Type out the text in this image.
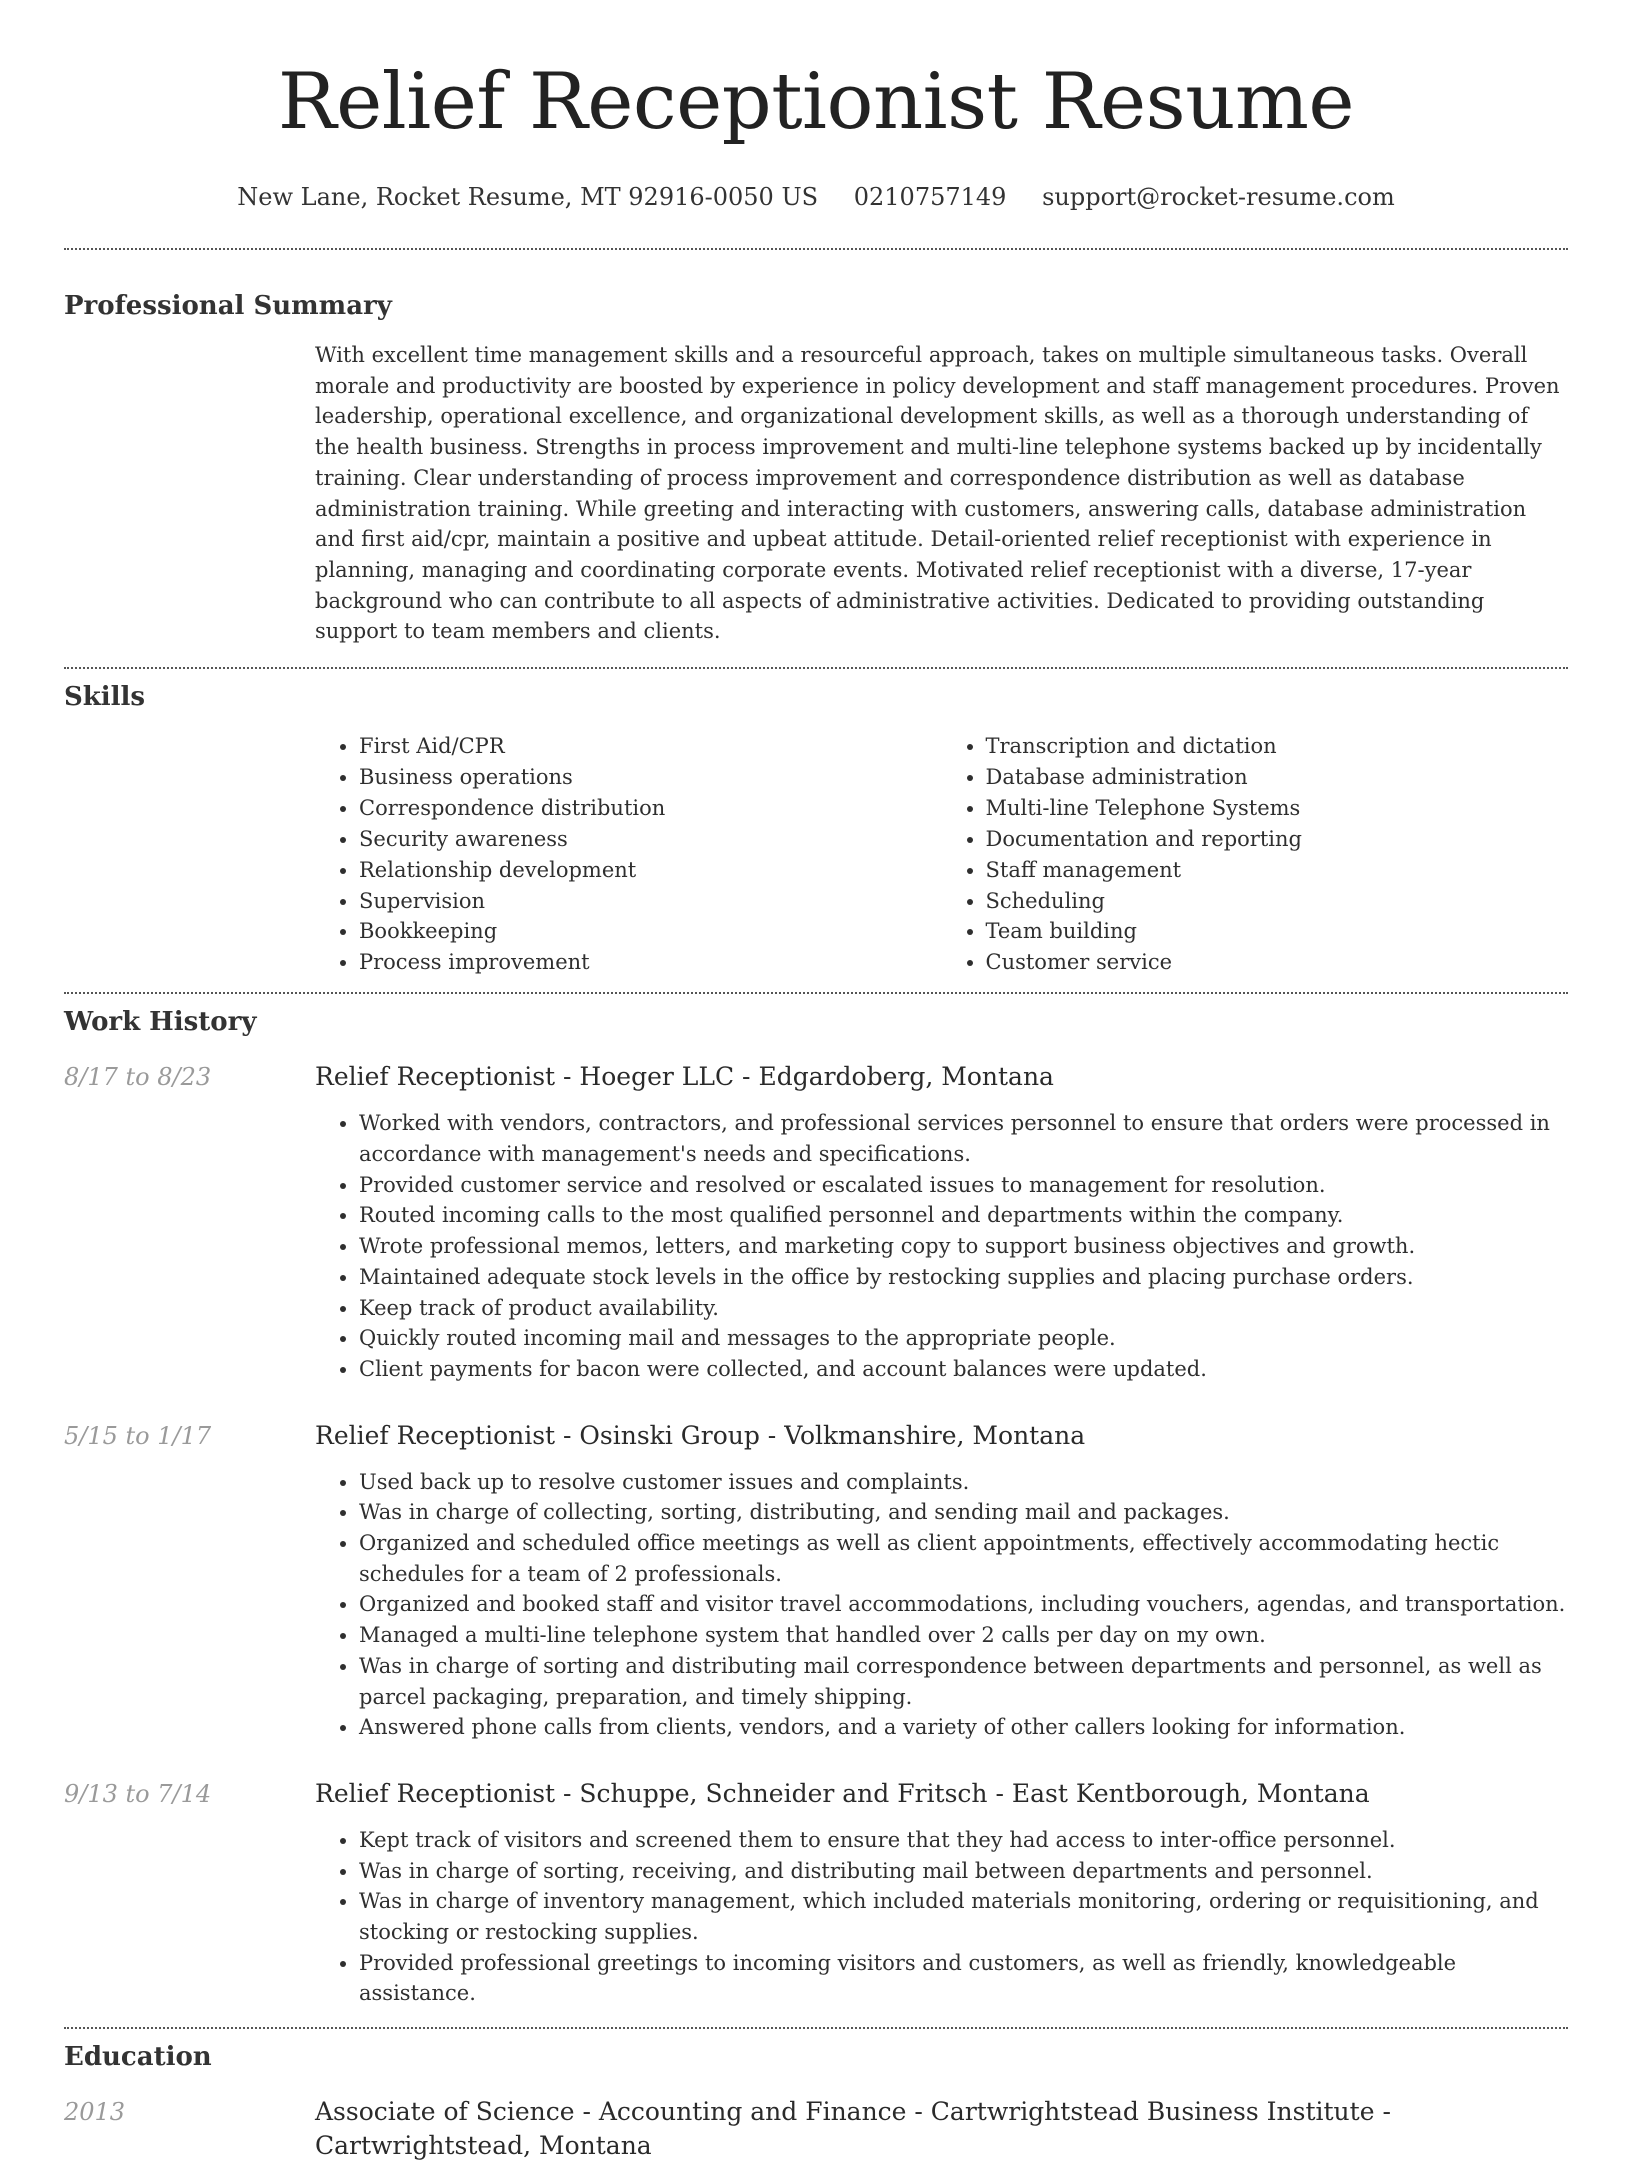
Relief Receptionist Resume
New Lane, Rocket Resume, MT 92916-0050 US 0210757149 support@rocket-resume.com
Professional Summary

With excellent time management skills and a resourceful approach, takes on multiple simultaneous tasks. Overall morale and productivity are boosted by experience in policy development and staff management procedures. Proven leadership, operational excellence, and organizational development skills, as well as a thorough understanding of the health business. Strengths in process improvement and multi-line telephone systems backed up by incidentally training. Clear understanding of process improvement and correspondence distribution as well as database administration training. While greeting and interacting with customers, answering calls, database administration and first aid/cpr, maintain a positive and upbeat attitude. Detail-oriented relief receptionist with experience in planning, managing and coordinating corporate events. Motivated relief receptionist with a diverse, 17-year background who can contribute to all aspects of administrative activities. Dedicated to providing outstanding support to team members and clients.

Skills
• First Aid/CPR
• Business operations
• Correspondence distribution
• Security awareness
• Relationship development
• Supervision
• Bookkeeping
• Process improvement
• Transcription and dictation
• Database administration
• Multi-line Telephone Systems
• Documentation and reporting
• Staff management
• Scheduling
• Team building
• Customer service
Work History
8/17 to 8/23	Relief Receptionist - Hoeger LLC - Edgardoberg, Montana
• Worked with vendors, contractors, and professional services personnel to ensure that orders were processed in accordance with management's needs and specifications.
• Provided customer service and resolved or escalated issues to management for resolution.
• Routed incoming calls to the most qualified personnel and departments within the company.
• Wrote professional memos, letters, and marketing copy to support business objectives and growth.
• Maintained adequate stock levels in the office by restocking supplies and placing purchase orders.
• Keep track of product availability.
• Quickly routed incoming mail and messages to the appropriate people.
• Client payments for bacon were collected, and account balances were updated.
5/15 to 1/17	Relief Receptionist - Osinski Group - Volkmanshire, Montana
• Used back up to resolve customer issues and complaints.
• Was in charge of collecting, sorting, distributing, and sending mail and packages.
• Organized and scheduled office meetings as well as client appointments, effectively accommodating hectic schedules for a team of 2 professionals.
• Organized and booked staff and visitor travel accommodations, including vouchers, agendas, and transportation.
• Managed a multi-line telephone system that handled over 2 calls per day on my own.
• Was in charge of sorting and distributing mail correspondence between departments and personnel, as well as parcel packaging, preparation, and timely shipping.
• Answered phone calls from clients, vendors, and a variety of other callers looking for information.
9/13 to 7/14	Relief Receptionist - Schuppe, Schneider and Fritsch - East Kentborough, Montana
• Kept track of visitors and screened them to ensure that they had access to inter-office personnel.
• Was in charge of sorting, receiving, and distributing mail between departments and personnel.
• Was in charge of inventory management, which included materials monitoring, ordering or requisitioning, and stocking or restocking supplies.
• Provided professional greetings to incoming visitors and customers, as well as friendly, knowledgeable assistance.
Education
2013	Associate of Science - Accounting and Finance - Cartwrightstead Business Institute - Cartwrightstead, Montana
